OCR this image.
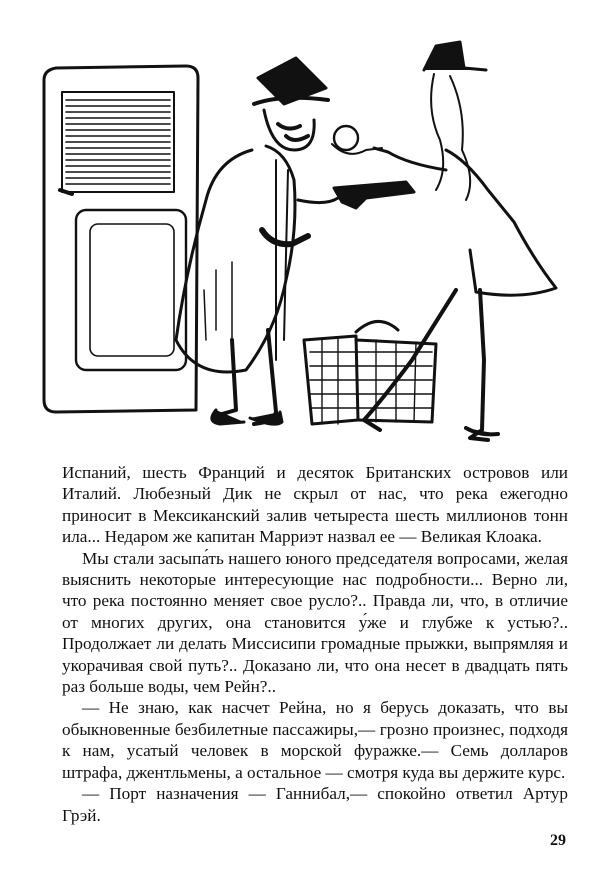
Испаний, шесть Франций и десяток Британских островов или Италий. Любезный Дик не скрыл от нас, что река ежегодно приносит в Мексиканский залив четыреста шесть миллионов тонн ила... Недаром же капитан Марриэт назвал ее — Великая Клоака.

Мы стали засыпа́ть нашего юного председателя вопросами, желая выяснить некоторые интересующие нас подробности... Верно ли, что река постоянно меняет свое русло?.. Правда ли, что, в отличие от многих других, она становится у́же и глубже к устью?.. Продолжает ли делать Миссисипи громадные прыжки, выпрямляя и укорачивая свой путь?.. Доказано ли, что она несет в двадцать пять раз больше воды, чем Рейн?..

— Не знаю, как насчет Рейна, но я берусь доказать, что вы обыкновенные безбилетные пассажиры,— грозно произнес, подходя к нам, усатый человек в морской фуражке.— Семь долларов штрафа, джентльмены, а остальное — смотря куда вы держите курс.

— Порт назначения — Ганнибал,— спокойно ответил Артур Грэй.

29
